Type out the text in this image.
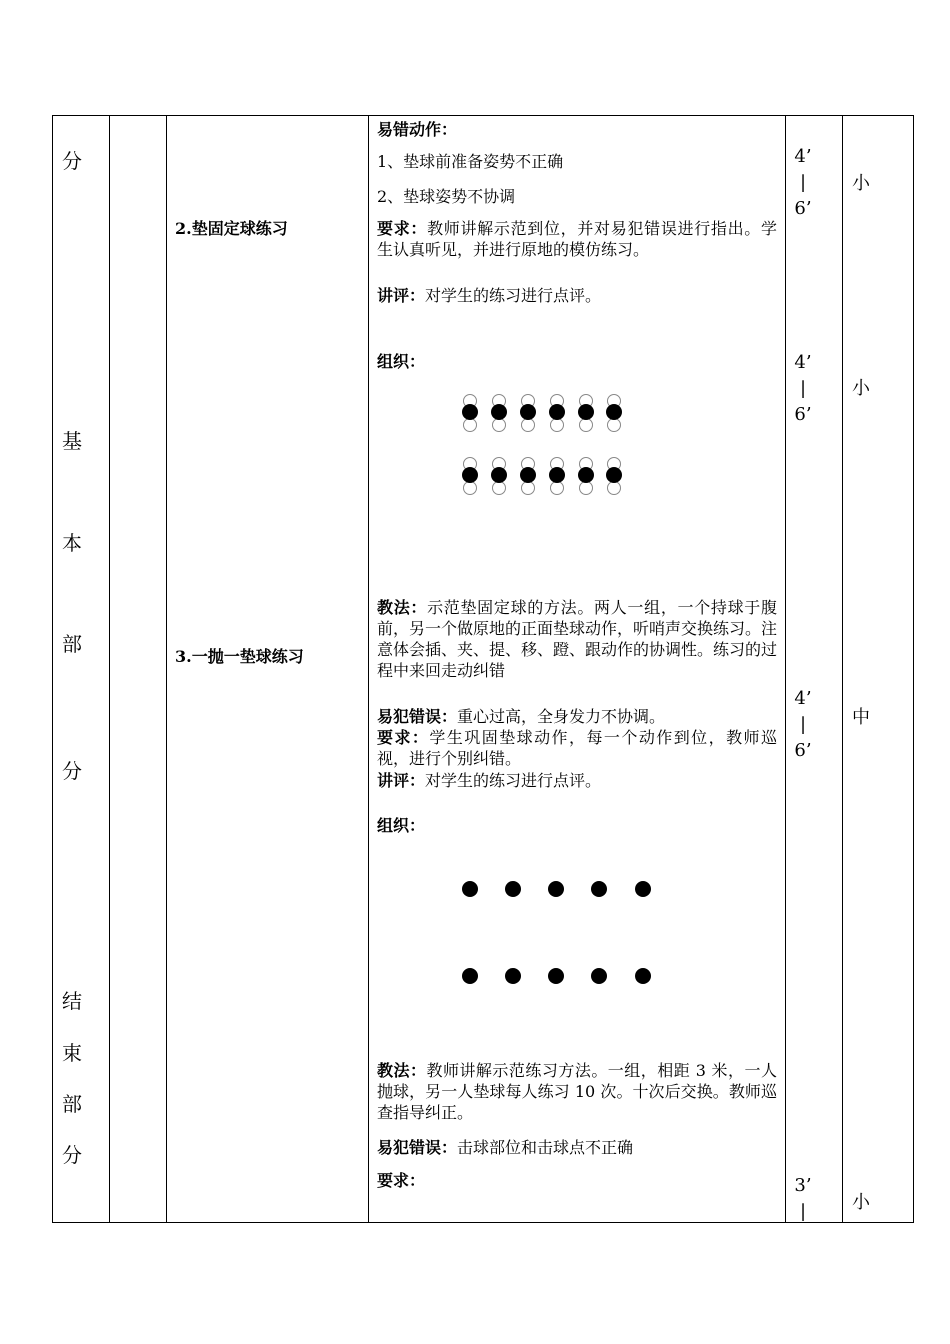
分
基
本
部
分
结
束
部
分
2.垫固定球练习
3.一抛一垫球练习
易错动作：
1、垫球前准备姿势不正确
2、垫球姿势不协调
要求：教师讲解示范到位，并对易犯错误进行指出。学生认真听见，并进行原地的模仿练习。
讲评：对学生的练习进行点评。
组织：
教法：示范垫固定球的方法。两人一组，一个持球于腹前，另一个做原地的正面垫球动作，听哨声交换练习。注意体会插、夹、提、移、蹬、跟动作的协调性。练习的过程中来回走动纠错
易犯错误：重心过高，全身发力不协调。
要求：学生巩固垫球动作，每一个动作到位，教师巡视，进行个别纠错。
讲评：对学生的练习进行点评。
组织：
教法：教师讲解示范练习方法。一组，相距 3 米，一人抛球，另一人垫球每人练习 10 次。十次后交换。教师巡查指导纠正。
易犯错误：击球部位和击球点不正确
要求：
4’
|
6’
4’
|
6’
4’
|
6’
3’
|
小
小
中
小
